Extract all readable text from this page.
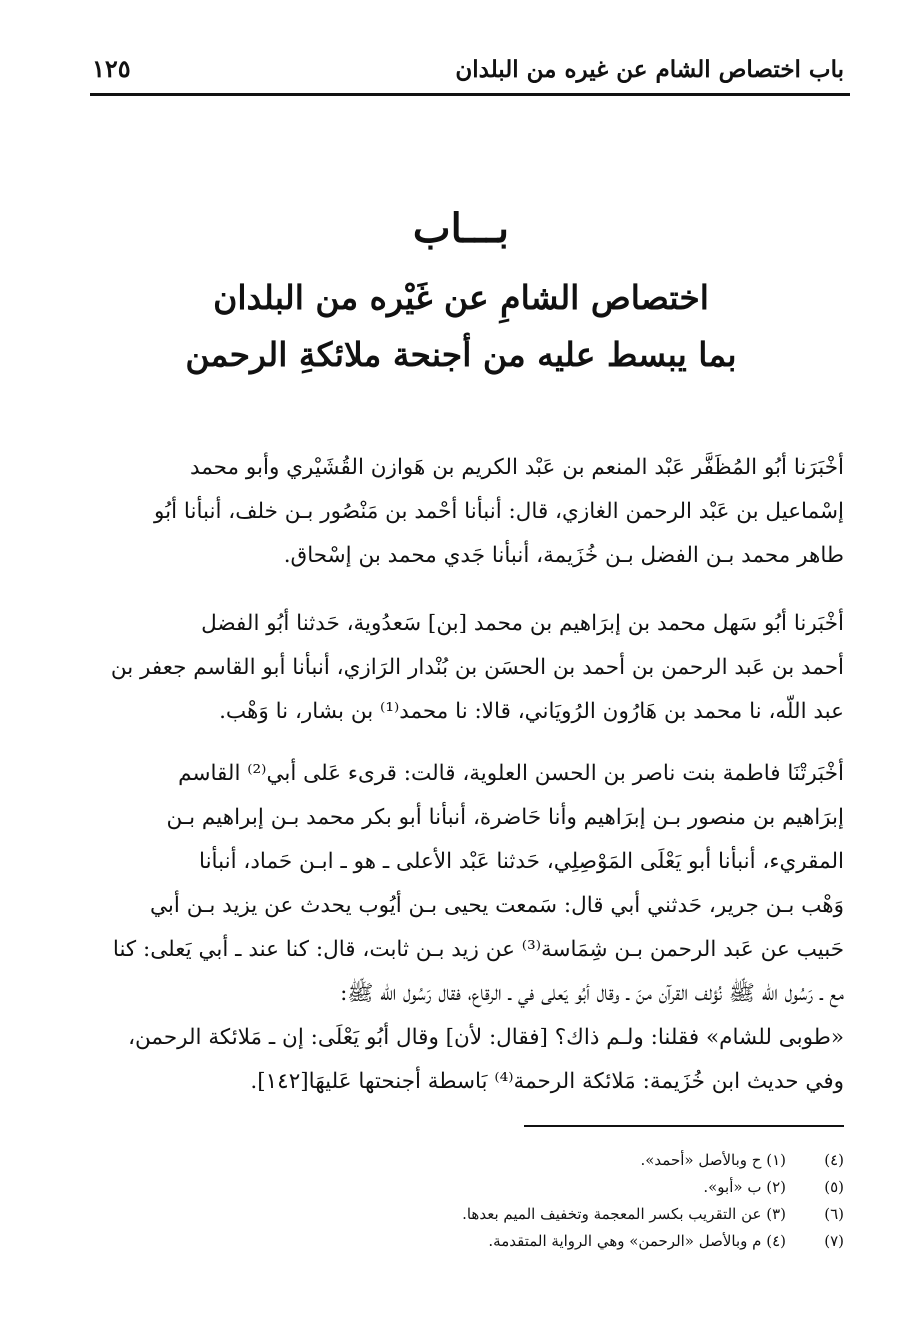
باب اختصاص الشام عن غيره من البلدان
١٢٥
بـــاب
اختصاص الشامِ عن غَيْره من البلدان
بما يبسط عليه من أجنحة ملائكةِ الرحمن
أخْبَرَنا أبُو المُظَفَّر عَبْد المنعم بن عَبْد الكريم بن هَوازن القُشَيْري وأبو محمد
إسْماعيل بن عَبْد الرحمن الغازي، قال: أنبأنا أحْمد بن مَنْصُور بـن خلف، أنبأنا أبُو
طاهر محمد بـن الفضل بـن خُزَيمة، أنبأنا جَدي محمد بن إسْحاق.
أخْبَرنا أبُو سَهل محمد بن إبرَاهيم بن محمد [بن] سَعدُوية، حَدثنا أبُو الفضل
أحمد بن عَبد الرحمن بن أحمد بن الحسَن بن بُنْدار الرَازي، أنبأنا أبو القاسم جعفر بن
عبد اللّه، نا محمد بن هَارُون الرُويَاني، قالا: نا محمد⁽¹⁾ بن بشار، نا وَهْب.
أخْبَرتْنَا فاطمة بنت ناصر بن الحسن العلوية، قالت: قرىء عَلى أبي⁽²⁾ القاسم
إبرَاهيم بن منصور بـن إبرَاهيم وأنا حَاضرة، أنبأنا أبو بكر محمد بـن إبراهيم بـن
المقريء، أنبأنا أبو يَعْلَى المَوْصِلِي، حَدثنا عَبْد الأعلى ـ هو ـ ابـن حَماد، أنبأنا
وَهْب بـن جرير، حَدثني أبي قال: سَمعت يحيى بـن أيُوب يحدث عن يزيد بـن أبي
حَبيب عن عَبد الرحمن بـن شِمَاسة⁽³⁾ عن زيد بـن ثابت، قال: كنا عند ـ أبي يَعلى: كنا
مع ـ رَسُول الله ﷺ نُؤلف القرآن منَ ـ وقال أبُو يَعلى في ـ الرقاع، فقال رَسُول الله ﷺ:
«طوبى للشام» فقلنا: ولـم ذاك؟ [فقال: لأن] وقال أبُو يَعْلَى: إن ـ مَلائكة الرحمن،
وفي حديث ابن خُزَيمة: مَلائكة الرحمة⁽⁴⁾ بَاسطة أجنحتها عَليهَا[١٤٢].
(٤)(١) ح وبالأصل «أحمد».
(٥)(٢) ب «أبو».
(٦)(٣) عن التقريب بكسر المعجمة وتخفيف الميم بعدها.
(٧)(٤) م وبالأصل «الرحمن» وهي الرواية المتقدمة.
